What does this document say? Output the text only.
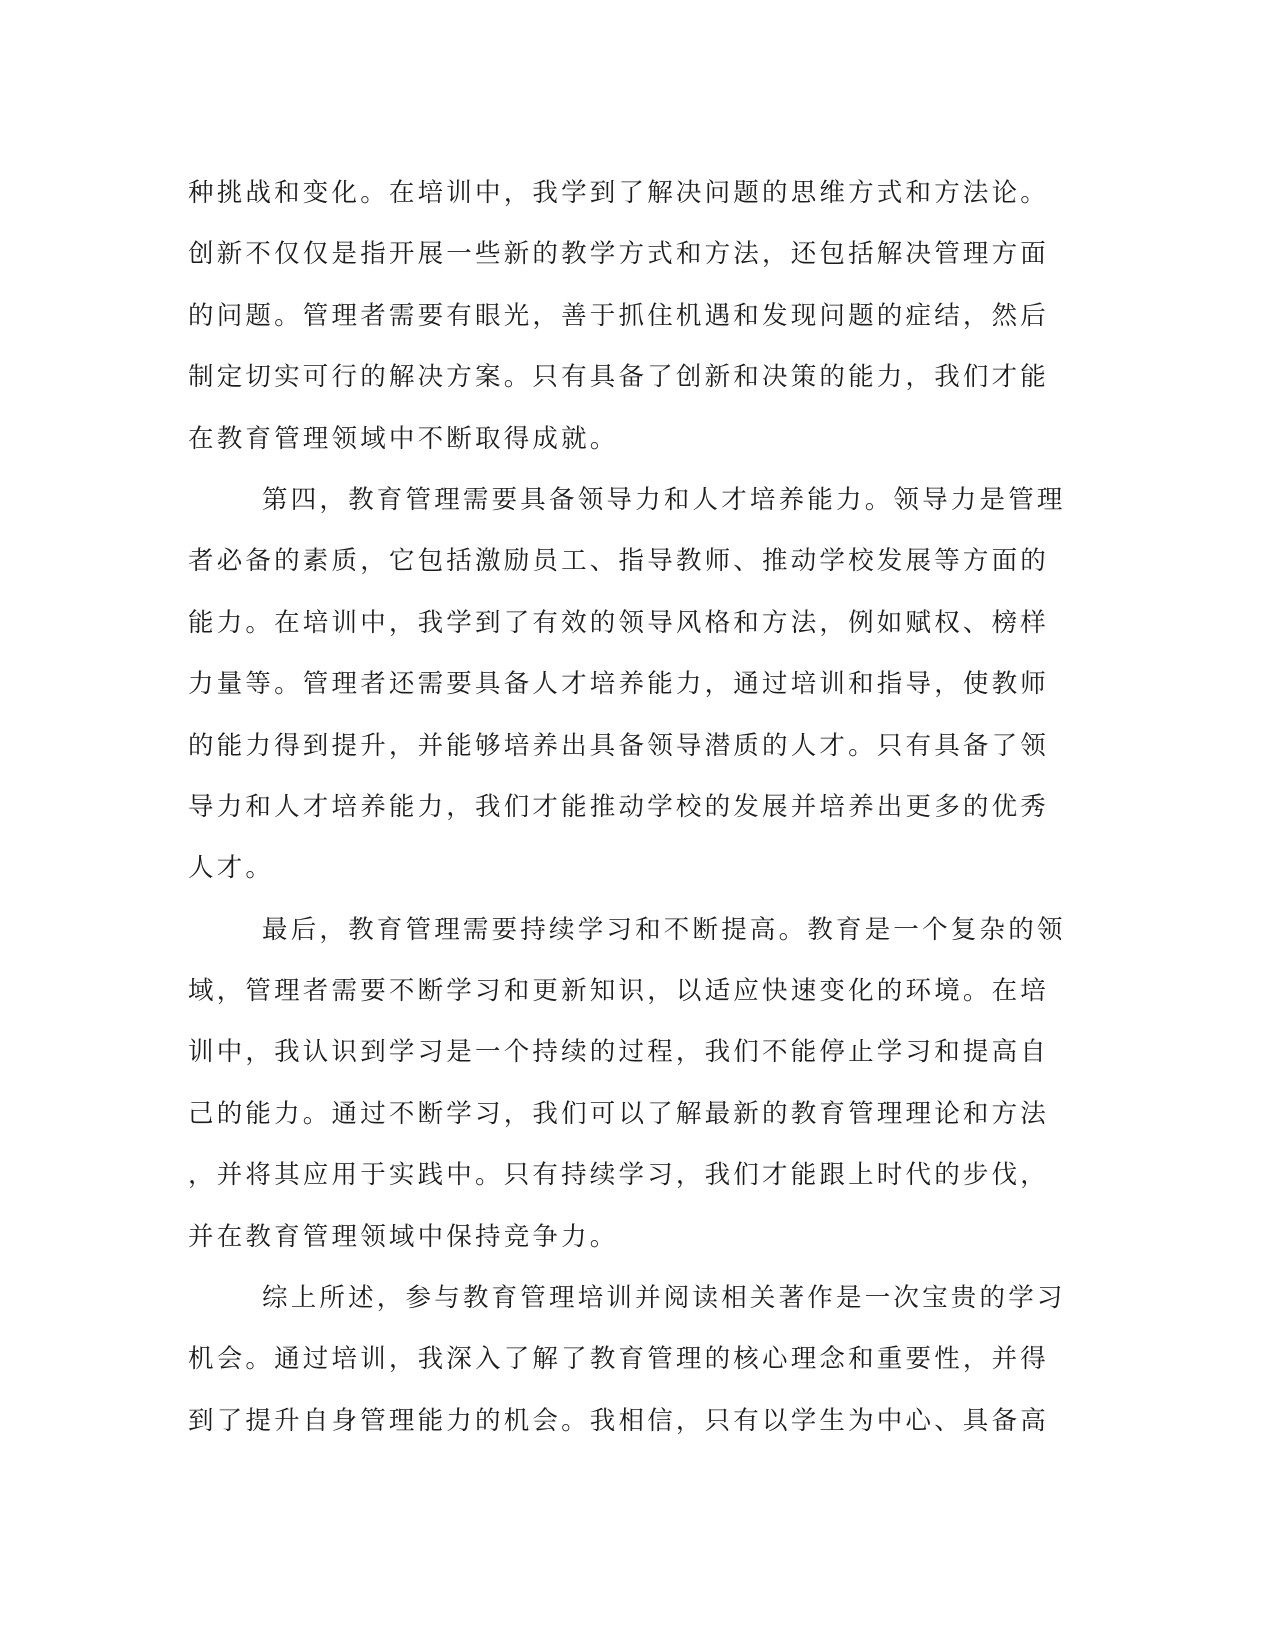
种挑战和变化。在培训中，我学到了解决问题的思维方式和方法论。
创新不仅仅是指开展一些新的教学方式和方法，还包括解决管理方面
的问题。管理者需要有眼光，善于抓住机遇和发现问题的症结，然后
制定切实可行的解决方案。只有具备了创新和决策的能力，我们才能
在教育管理领域中不断取得成就。
第四，教育管理需要具备领导力和人才培养能力。领导力是管理
者必备的素质，它包括激励员工、指导教师、推动学校发展等方面的
能力。在培训中，我学到了有效的领导风格和方法，例如赋权、榜样
力量等。管理者还需要具备人才培养能力，通过培训和指导，使教师
的能力得到提升，并能够培养出具备领导潜质的人才。只有具备了领
导力和人才培养能力，我们才能推动学校的发展并培养出更多的优秀
人才。
最后，教育管理需要持续学习和不断提高。教育是一个复杂的领
域，管理者需要不断学习和更新知识，以适应快速变化的环境。在培
训中，我认识到学习是一个持续的过程，我们不能停止学习和提高自
己的能力。通过不断学习，我们可以了解最新的教育管理理论和方法
，并将其应用于实践中。只有持续学习，我们才能跟上时代的步伐，
并在教育管理领域中保持竞争力。
综上所述，参与教育管理培训并阅读相关著作是一次宝贵的学习
机会。通过培训，我深入了解了教育管理的核心理念和重要性，并得
到了提升自身管理能力的机会。我相信，只有以学生为中心、具备高
